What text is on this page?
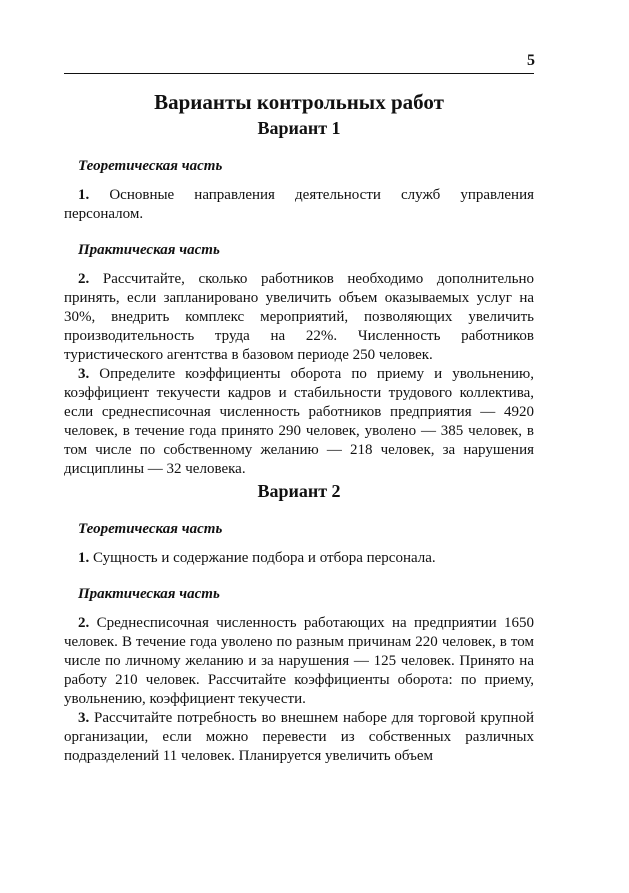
5
Варианты контрольных работ
Вариант 1
Теоретическая часть

1. Основные направления деятельности служб управления персоналом.

Практическая часть

2. Рассчитайте, сколько работников необходимо дополнительно принять, если запланировано увеличить объем оказываемых услуг на 30%, внедрить комплекс мероприятий, позволяющих увеличить производительность труда на 22%. Численность работников туристического агентства в базовом периоде 250 человек.

3. Определите коэффициенты оборота по приему и увольнению, коэффициент текучести кадров и стабильности трудового коллектива, если среднесписочная численность работников предприятия — 4920 человек, в течение года принято 290 человек, уволено — 385 человек, в том числе по собственному желанию — 218 человек, за нарушения дисциплины — 32 человека.

Вариант 2
Теоретическая часть

1. Сущность и содержание подбора и отбора персонала.

Практическая часть

2. Среднесписочная численность работающих на предприятии 1650 человек. В течение года уволено по разным причинам 220 человек, в том числе по личному желанию и за нарушения — 125 человек. Принято на работу 210 человек. Рассчитайте коэффициенты оборота: по приему, увольнению, коэффициент текучести.

3. Рассчитайте потребность во внешнем наборе для торговой крупной организации, если можно перевести из собственных различных подразделений 11 человек. Планируется увеличить объем
